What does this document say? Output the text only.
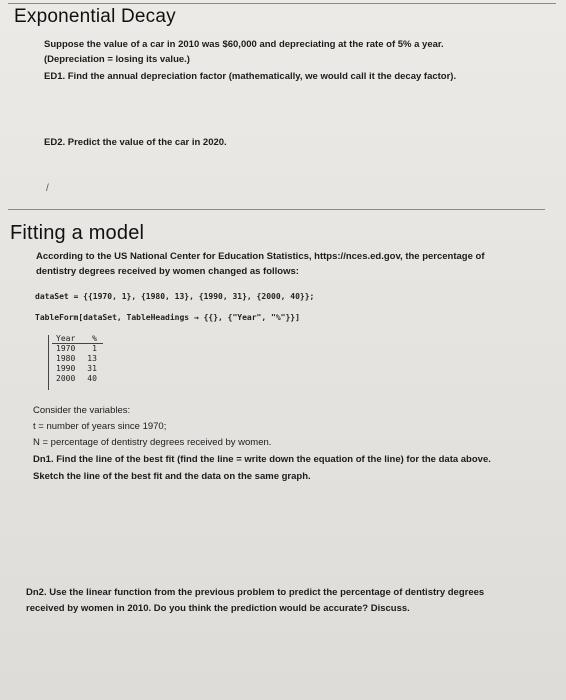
Exponential Decay
Suppose the value of a car in 2010 was $60,000 and depreciating at the rate of 5% a year.
(Depreciation = losing its value.)
ED1. Find the annual depreciation factor (mathematically, we would call it the decay factor).
ED2. Predict the value of the car in 2020.
/
Fitting a model
According to the US National Center for Education Statistics, https://nces.ed.gov, the percentage of
dentistry degrees received by women changed as follows:
dataSet = {{1970, 1}, {1980, 13}, {1990, 31}, {2000, 40}};
TableForm[dataSet, TableHeadings → {{}, {"Year", "%"}}]
Year	%
1970	1
1980	13
1990	31
2000	40
Consider the variables:
t = number of years since 1970;
N = percentage of dentistry degrees received by women.
Dn1. Find the line of the best fit (find the line = write down the equation of the line) for the data above.
Sketch the line of the best fit and the data on the same graph.
Dn2. Use the linear function from the previous problem to predict the percentage of dentistry degrees
received by women in 2010. Do you think the prediction would be accurate? Discuss.
